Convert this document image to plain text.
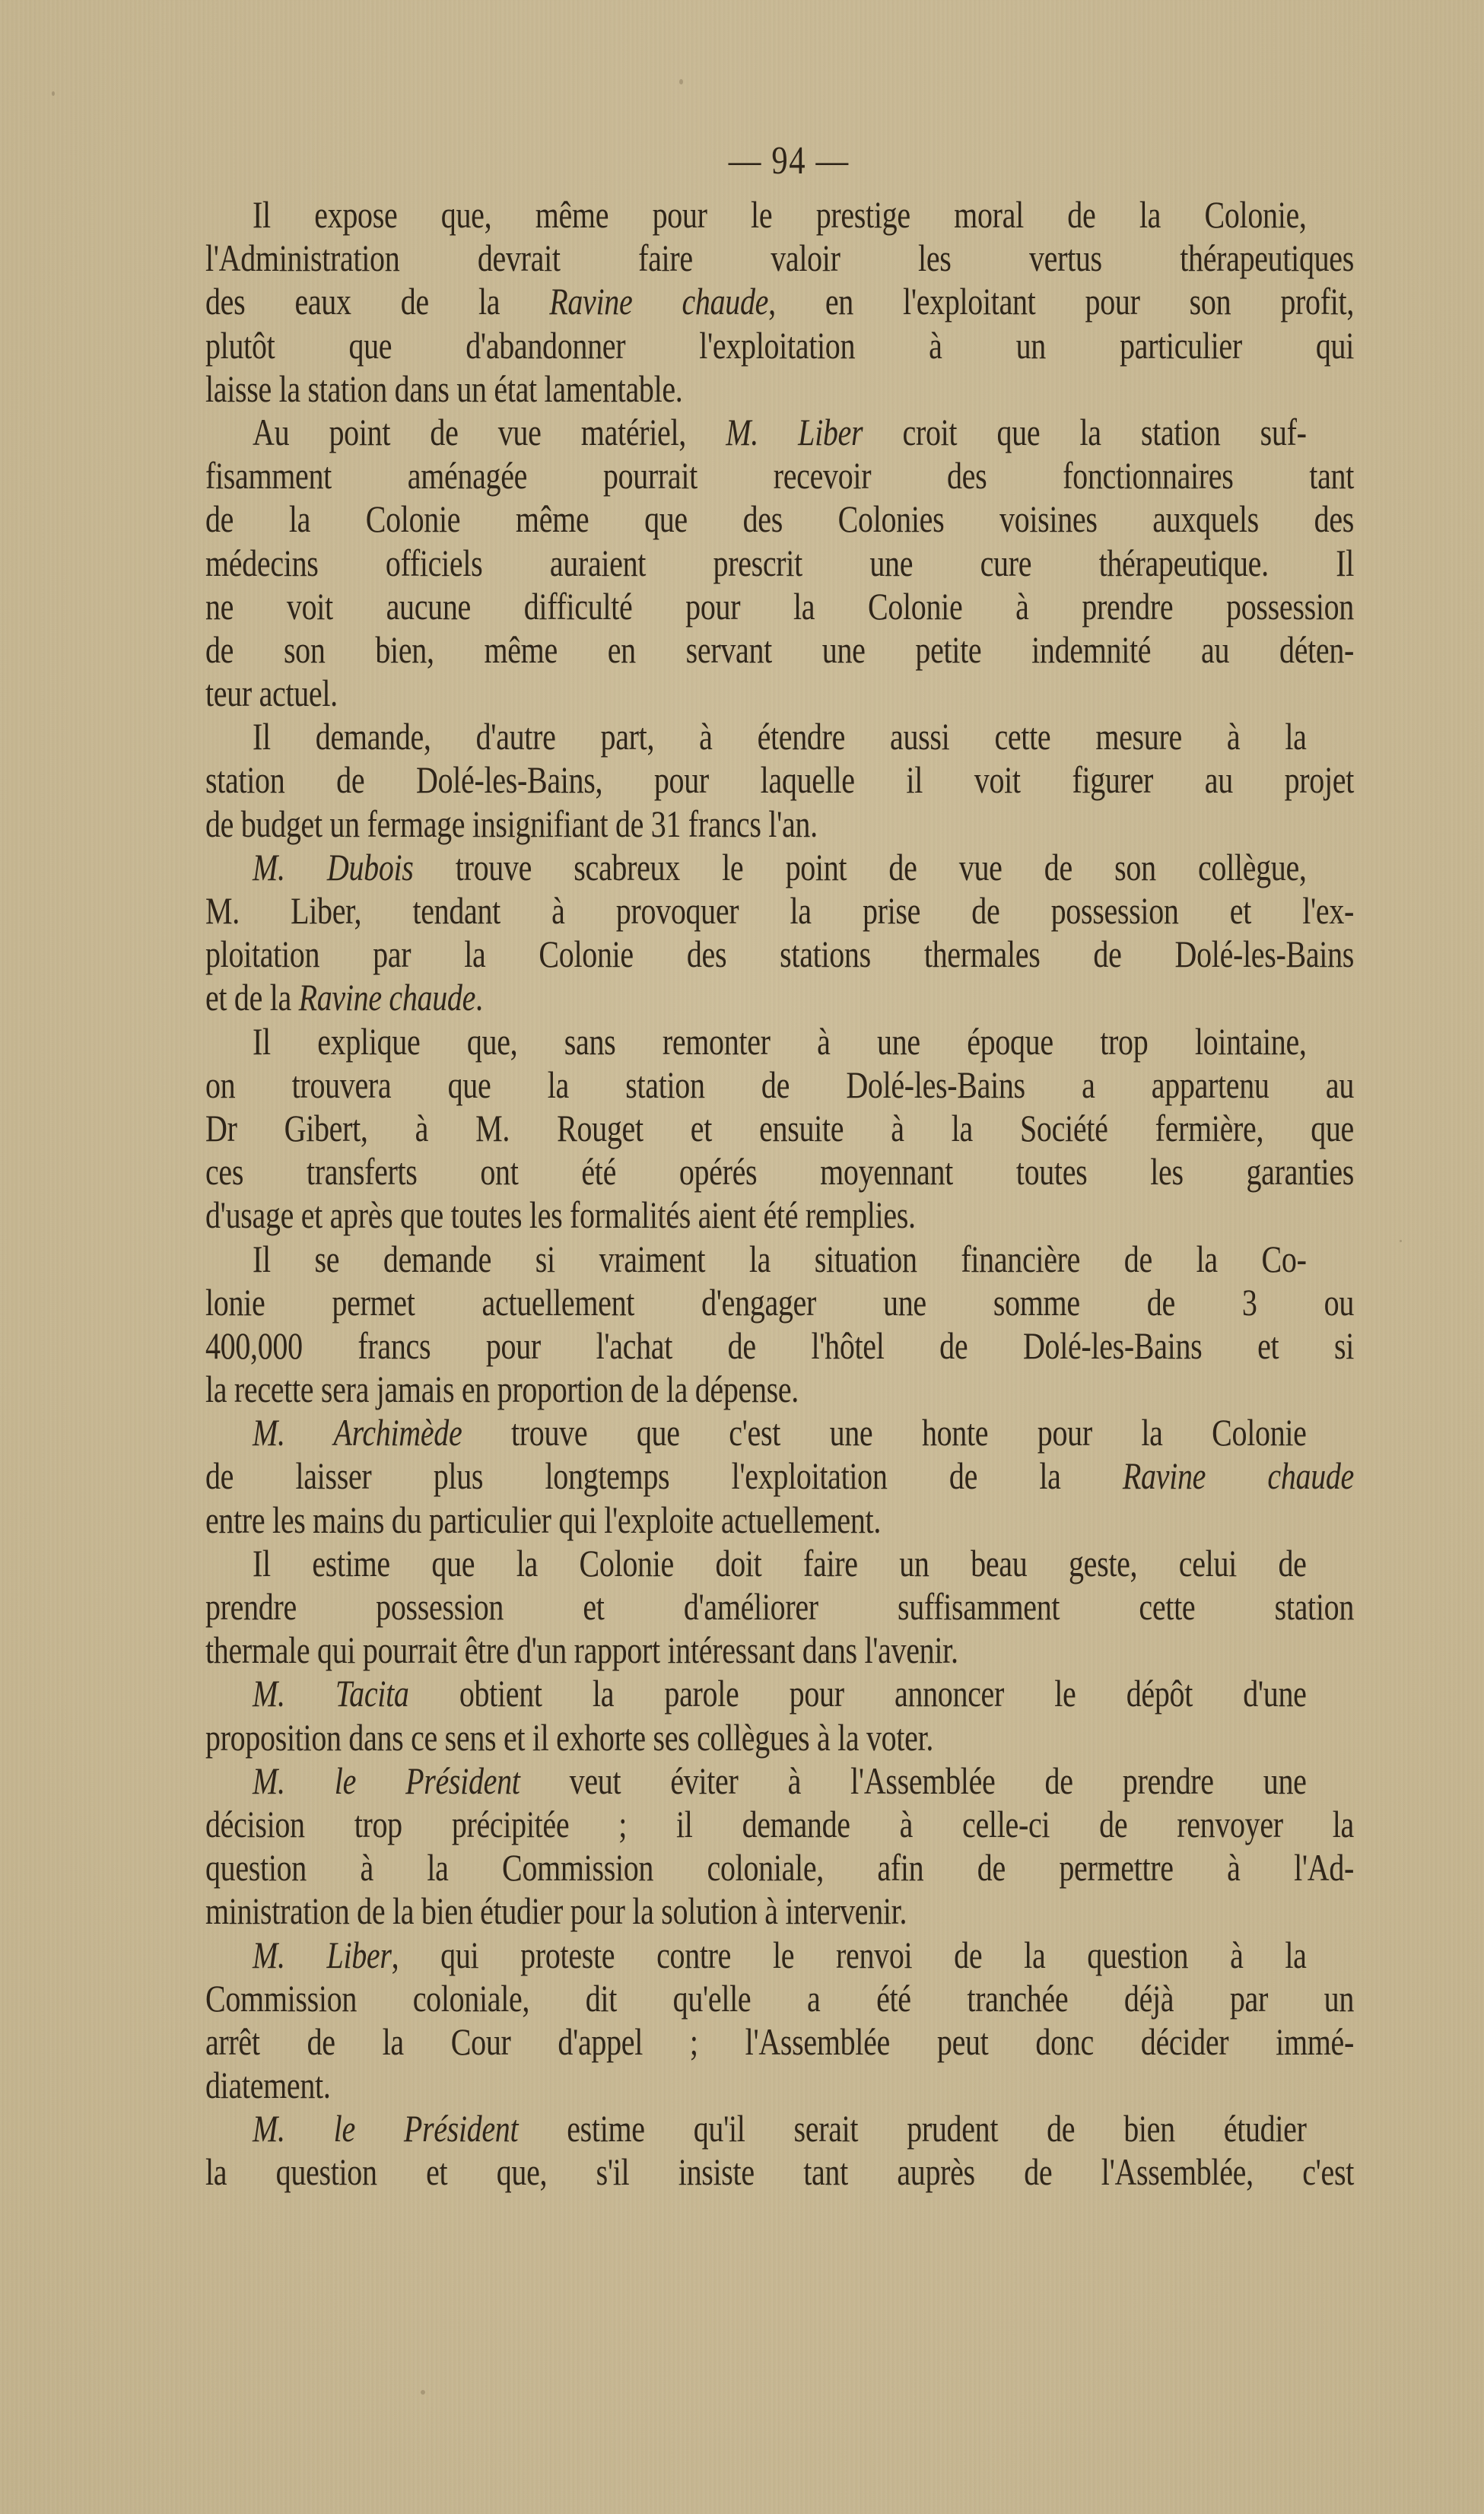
— 94 —
Il expose que, même pour le prestige moral de la Colonie,
l'Administration devrait faire valoir les vertus thérapeutiques
des eaux de la Ravine chaude, en l'exploitant pour son profit,
plutôt que d'abandonner l'exploitation à un particulier qui
laisse la station dans un état lamentable.
Au point de vue matériel, M. Liber croit que la station suf-
fisamment aménagée pourrait recevoir des fonctionnaires tant
de la Colonie même que des Colonies voisines auxquels des
médecins officiels auraient prescrit une cure thérapeutique. Il
ne voit aucune difficulté pour la Colonie à prendre possession
de son bien, même en servant une petite indemnité au déten-
teur actuel.
Il demande, d'autre part, à étendre aussi cette mesure à la
station de Dolé-les-Bains, pour laquelle il voit figurer au projet
de budget un fermage insignifiant de 31 francs l'an.
M. Dubois trouve scabreux le point de vue de son collègue,
M. Liber, tendant à provoquer la prise de possession et l'ex-
ploitation par la Colonie des stations thermales de Dolé-les-Bains
et de la Ravine chaude.
Il explique que, sans remonter à une époque trop lointaine,
on trouvera que la station de Dolé-les-Bains a appartenu au
Dr Gibert, à M. Rouget et ensuite à la Société fermière, que
ces transferts ont été opérés moyennant toutes les garanties
d'usage et après que toutes les formalités aient été remplies.
Il se demande si vraiment la situation financière de la Co-
lonie permet actuellement d'engager une somme de 3 ou
400,000 francs pour l'achat de l'hôtel de Dolé-les-Bains et si
la recette sera jamais en proportion de la dépense.
M. Archimède trouve que c'est une honte pour la Colonie
de laisser plus longtemps l'exploitation de la Ravine chaude
entre les mains du particulier qui l'exploite actuellement.
Il estime que la Colonie doit faire un beau geste, celui de
prendre possession et d'améliorer suffisamment cette station
thermale qui pourrait être d'un rapport intéressant dans l'avenir.
M. Tacita obtient la parole pour annoncer le dépôt d'une
proposition dans ce sens et il exhorte ses collègues à la voter.
M. le Président veut éviter à l'Assemblée de prendre une
décision trop précipitée ; il demande à celle-ci de renvoyer la
question à la Commission coloniale, afin de permettre à l'Ad-
ministration de la bien étudier pour la solution à intervenir.
M. Liber, qui proteste contre le renvoi de la question à la
Commission coloniale, dit qu'elle a été tranchée déjà par un
arrêt de la Cour d'appel ; l'Assemblée peut donc décider immé-
diatement.
M. le Président estime qu'il serait prudent de bien étudier
la question et que, s'il insiste tant auprès de l'Assemblée, c'est
